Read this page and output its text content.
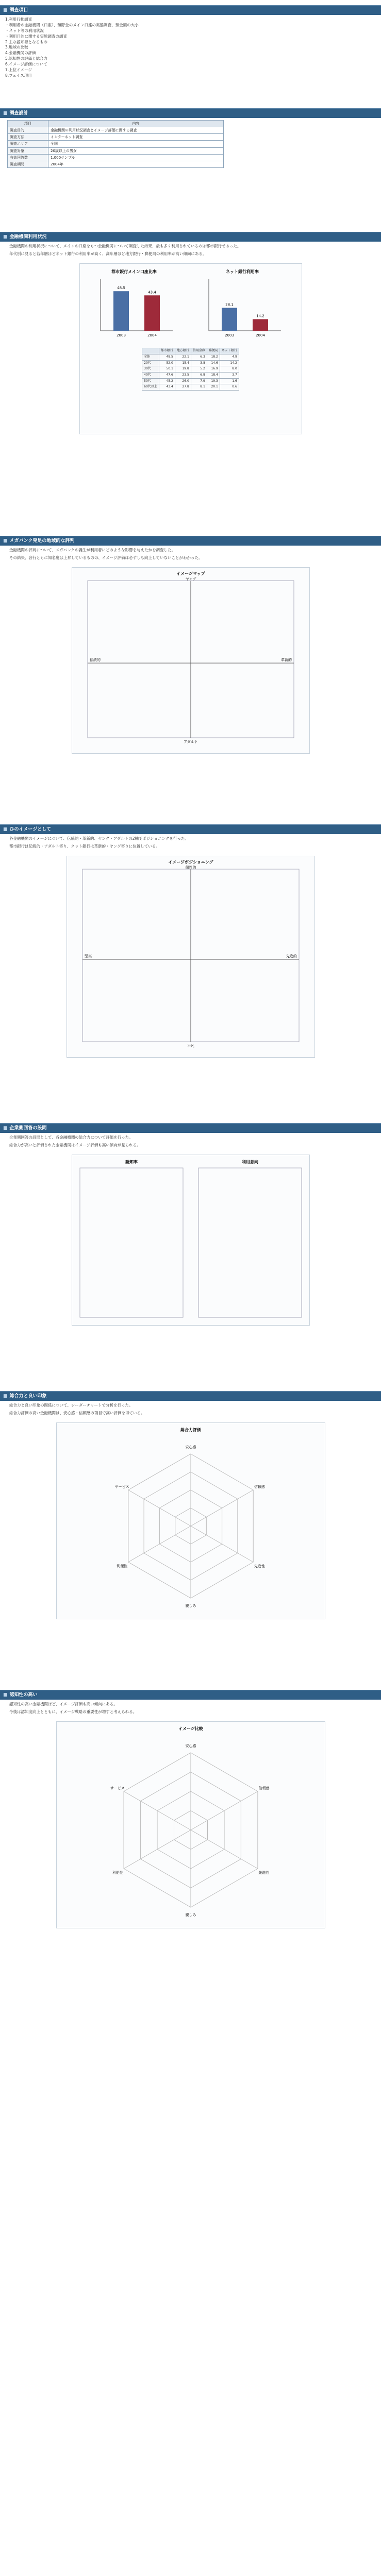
■ 調査項目

1.利用行動調査

・利用者の金融機関（口座）、預貯金のメイン口座の実態調査、預金額の大小

・ネット等の利用状況

・利用目的に関する実態調査の調査

2.主な認知源となるもの

3.地域の比較

4.金融機関の評価

5.認知性の評価と総合力

6.イメージ評価について

7.上位イメージ

8.フェイス項目

■ 調査設計
項目	内容
調査目的	金融機関の利用状況調査とイメージ評価に関する調査
調査方法	インターネット調査
調査エリア	全国
調査対象	20歳以上の男女
有効回答数	1,000サンプル
調査期間	2004年
■ 金融機関利用状況

金融機関の利用状況について、メインの口座をもつ金融機関について調査した結果、最も多く利用されているのは都市銀行であった。

年代別に見ると若年層ほどネット銀行の利用率が高く、高年層ほど地方銀行・郵便局の利用率が高い傾向にある。

都市銀行メイン口座比率
48.5
2003
43.4
2004
ネット銀行利用率
28.1
2003
14.2
2004
	都市銀行	地方銀行	信用金庫	郵便局	ネット銀行
全体	48.5	22.1	6.3	18.2	4.9
20代	52.0	15.4	3.8	14.6	14.2
30代	50.1	19.8	5.2	16.9	8.0
40代	47.6	23.5	6.8	18.4	3.7
50代	45.2	26.0	7.9	19.3	1.6
60代以上	43.4	27.8	8.1	20.1	0.6
■ メガバンク発足の地域的な評判

金融機関の評判について、メガバンクの誕生が利用者にどのような影響を与えたかを調査した。

その結果、各行ともに知名度は上昇しているものの、イメージ評価は必ずしも向上していないことがわかった。

イメージマップ
ヤング
アダルト
伝統的	革新的
■ ひのイメージとして

各金融機関のイメージについて、伝統的・革新的、ヤング・アダルトの2軸でポジショニングを行った。

都市銀行は伝統的・アダルト寄り、ネット銀行は革新的・ヤング寄りに位置している。

イメージポジショニング
個性的
平凡
堅実	先進的
■ 企業側回答の設問

企業側回答の設問として、各金融機関の総合力について評価を行った。

総合力が高いと評価された金融機関はイメージ評価も高い傾向が見られる。

認知率	利用意向
■ 総合力と良い印象

総合力と良い印象の関係について、レーダーチャートで分析を行った。

総合力評価の高い金融機関は、安心感・信頼感の項目で高い評価を得ている。

総合力評価
安心感
信頼感
先進性
親しみ
利便性
サービス
■ 認知性の高い

認知性の高い金融機関ほど、イメージ評価も高い傾向にある。

今後は認知度向上とともに、イメージ戦略の重要性が増すと考えられる。

イメージ比較
安心感
信頼感
先進性
親しみ
利便性
サービス
